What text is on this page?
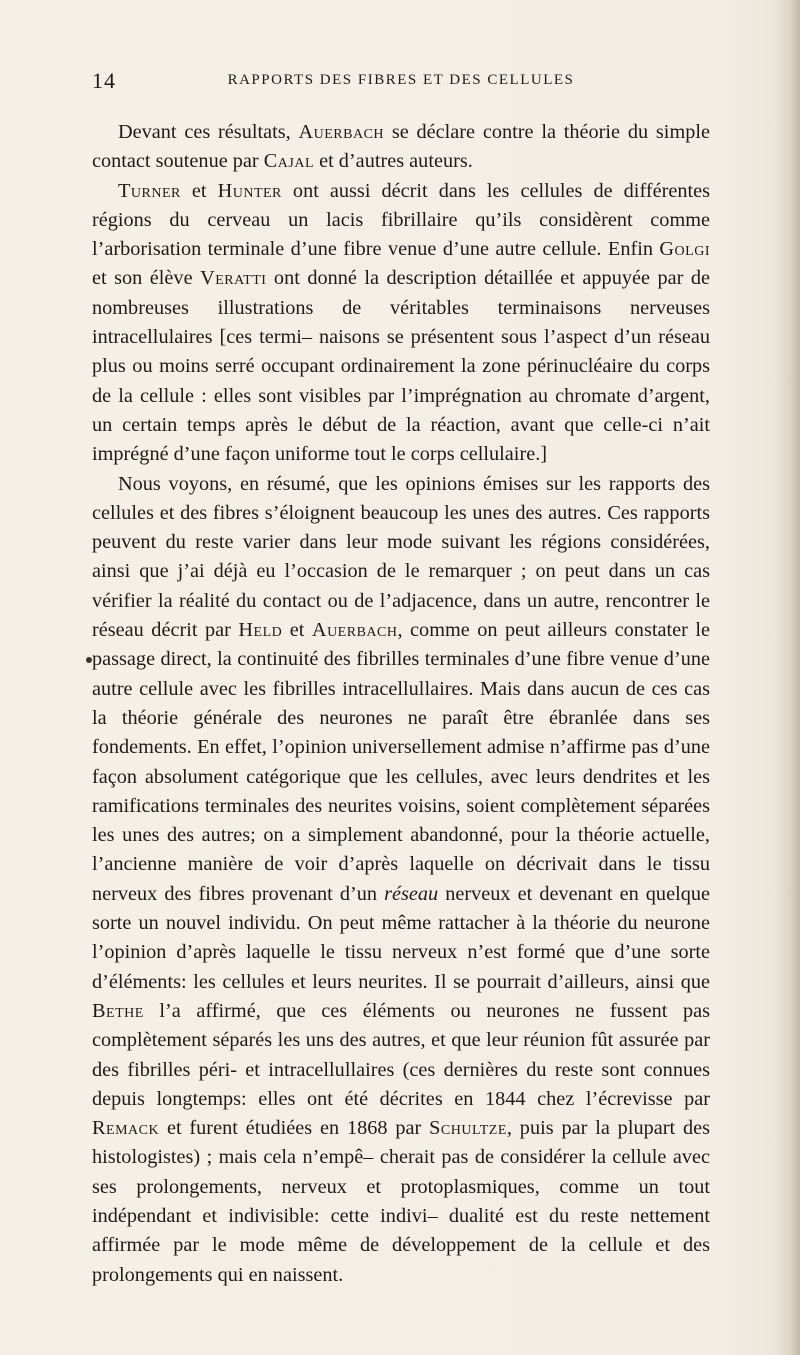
14	RAPPORTS DES FIBRES ET DES CELLULES

Devant ces résultats, Auerbach se déclare contre la théorie du simple contact soutenue par Cajal et d’autres auteurs.

Turner et Hunter ont aussi décrit dans les cellules de différentes régions du cerveau un lacis fibrillaire qu’ils considèrent comme l’arborisation terminale d’une fibre venue d’une autre cellule. Enfin Golgi et son élève Veratti ont donné la description détaillée et appuyée par de nombreuses illustrations de véritables terminaisons nerveuses intracellulaires [ces termi– naisons se présentent sous l’aspect d’un réseau plus ou moins serré occupant ordinairement la zone périnucléaire du corps de la cellule : elles sont visibles par l’imprégnation au chromate d’argent, un certain temps après le début de la réaction, avant que celle-ci n’ait imprégné d’une façon uniforme tout le corps cellulaire.]

Nous voyons, en résumé, que les opinions émises sur les rapports des cellules et des fibres s’éloignent beaucoup les unes des autres. Ces rapports peuvent du reste varier dans leur mode suivant les régions considérées, ainsi que j’ai déjà eu l’occasion de le remarquer ; on peut dans un cas vérifier la réalité du contact ou de l’adjacence, dans un autre, rencontrer le réseau décrit par Held et Auerbach, comme on peut ailleurs constater le passage direct, la continuité des fibrilles terminales d’une fibre venue d’une autre cellule avec les fibrilles intracellullaires. Mais dans aucun de ces cas la théorie générale des neurones ne paraît être ébranlée dans ses fondements. En effet, l’opinion universellement admise n’affirme pas d’une façon absolument catégorique que les cellules, avec leurs dendrites et les ramifications terminales des neurites voisins, soient complètement séparées les unes des autres; on a simplement abandonné, pour la théorie actuelle, l’ancienne manière de voir d’après laquelle on décrivait dans le tissu nerveux des fibres provenant d’un réseau nerveux et devenant en quelque sorte un nouvel individu. On peut même rattacher à la théorie du neurone l’opinion d’après laquelle le tissu nerveux n’est formé que d’une sorte d’éléments: les cellules et leurs neurites. Il se pourrait d’ailleurs, ainsi que Bethe l’a affirmé, que ces éléments ou neurones ne fussent pas complètement séparés les uns des autres, et que leur réunion fût assurée par des fibrilles péri- et intracellullaires (ces dernières du reste sont connues depuis longtemps: elles ont été décrites en 1844 chez l’écrevisse par Remack et furent étudiées en 1868 par Schultze, puis par la plupart des histologistes) ; mais cela n’empê– cherait pas de considérer la cellule avec ses prolongements, nerveux et protoplasmiques, comme un tout indépendant et indivisible: cette indivi– dualité est du reste nettement affirmée par le mode même de développement de la cellule et des prolongements qui en naissent.
